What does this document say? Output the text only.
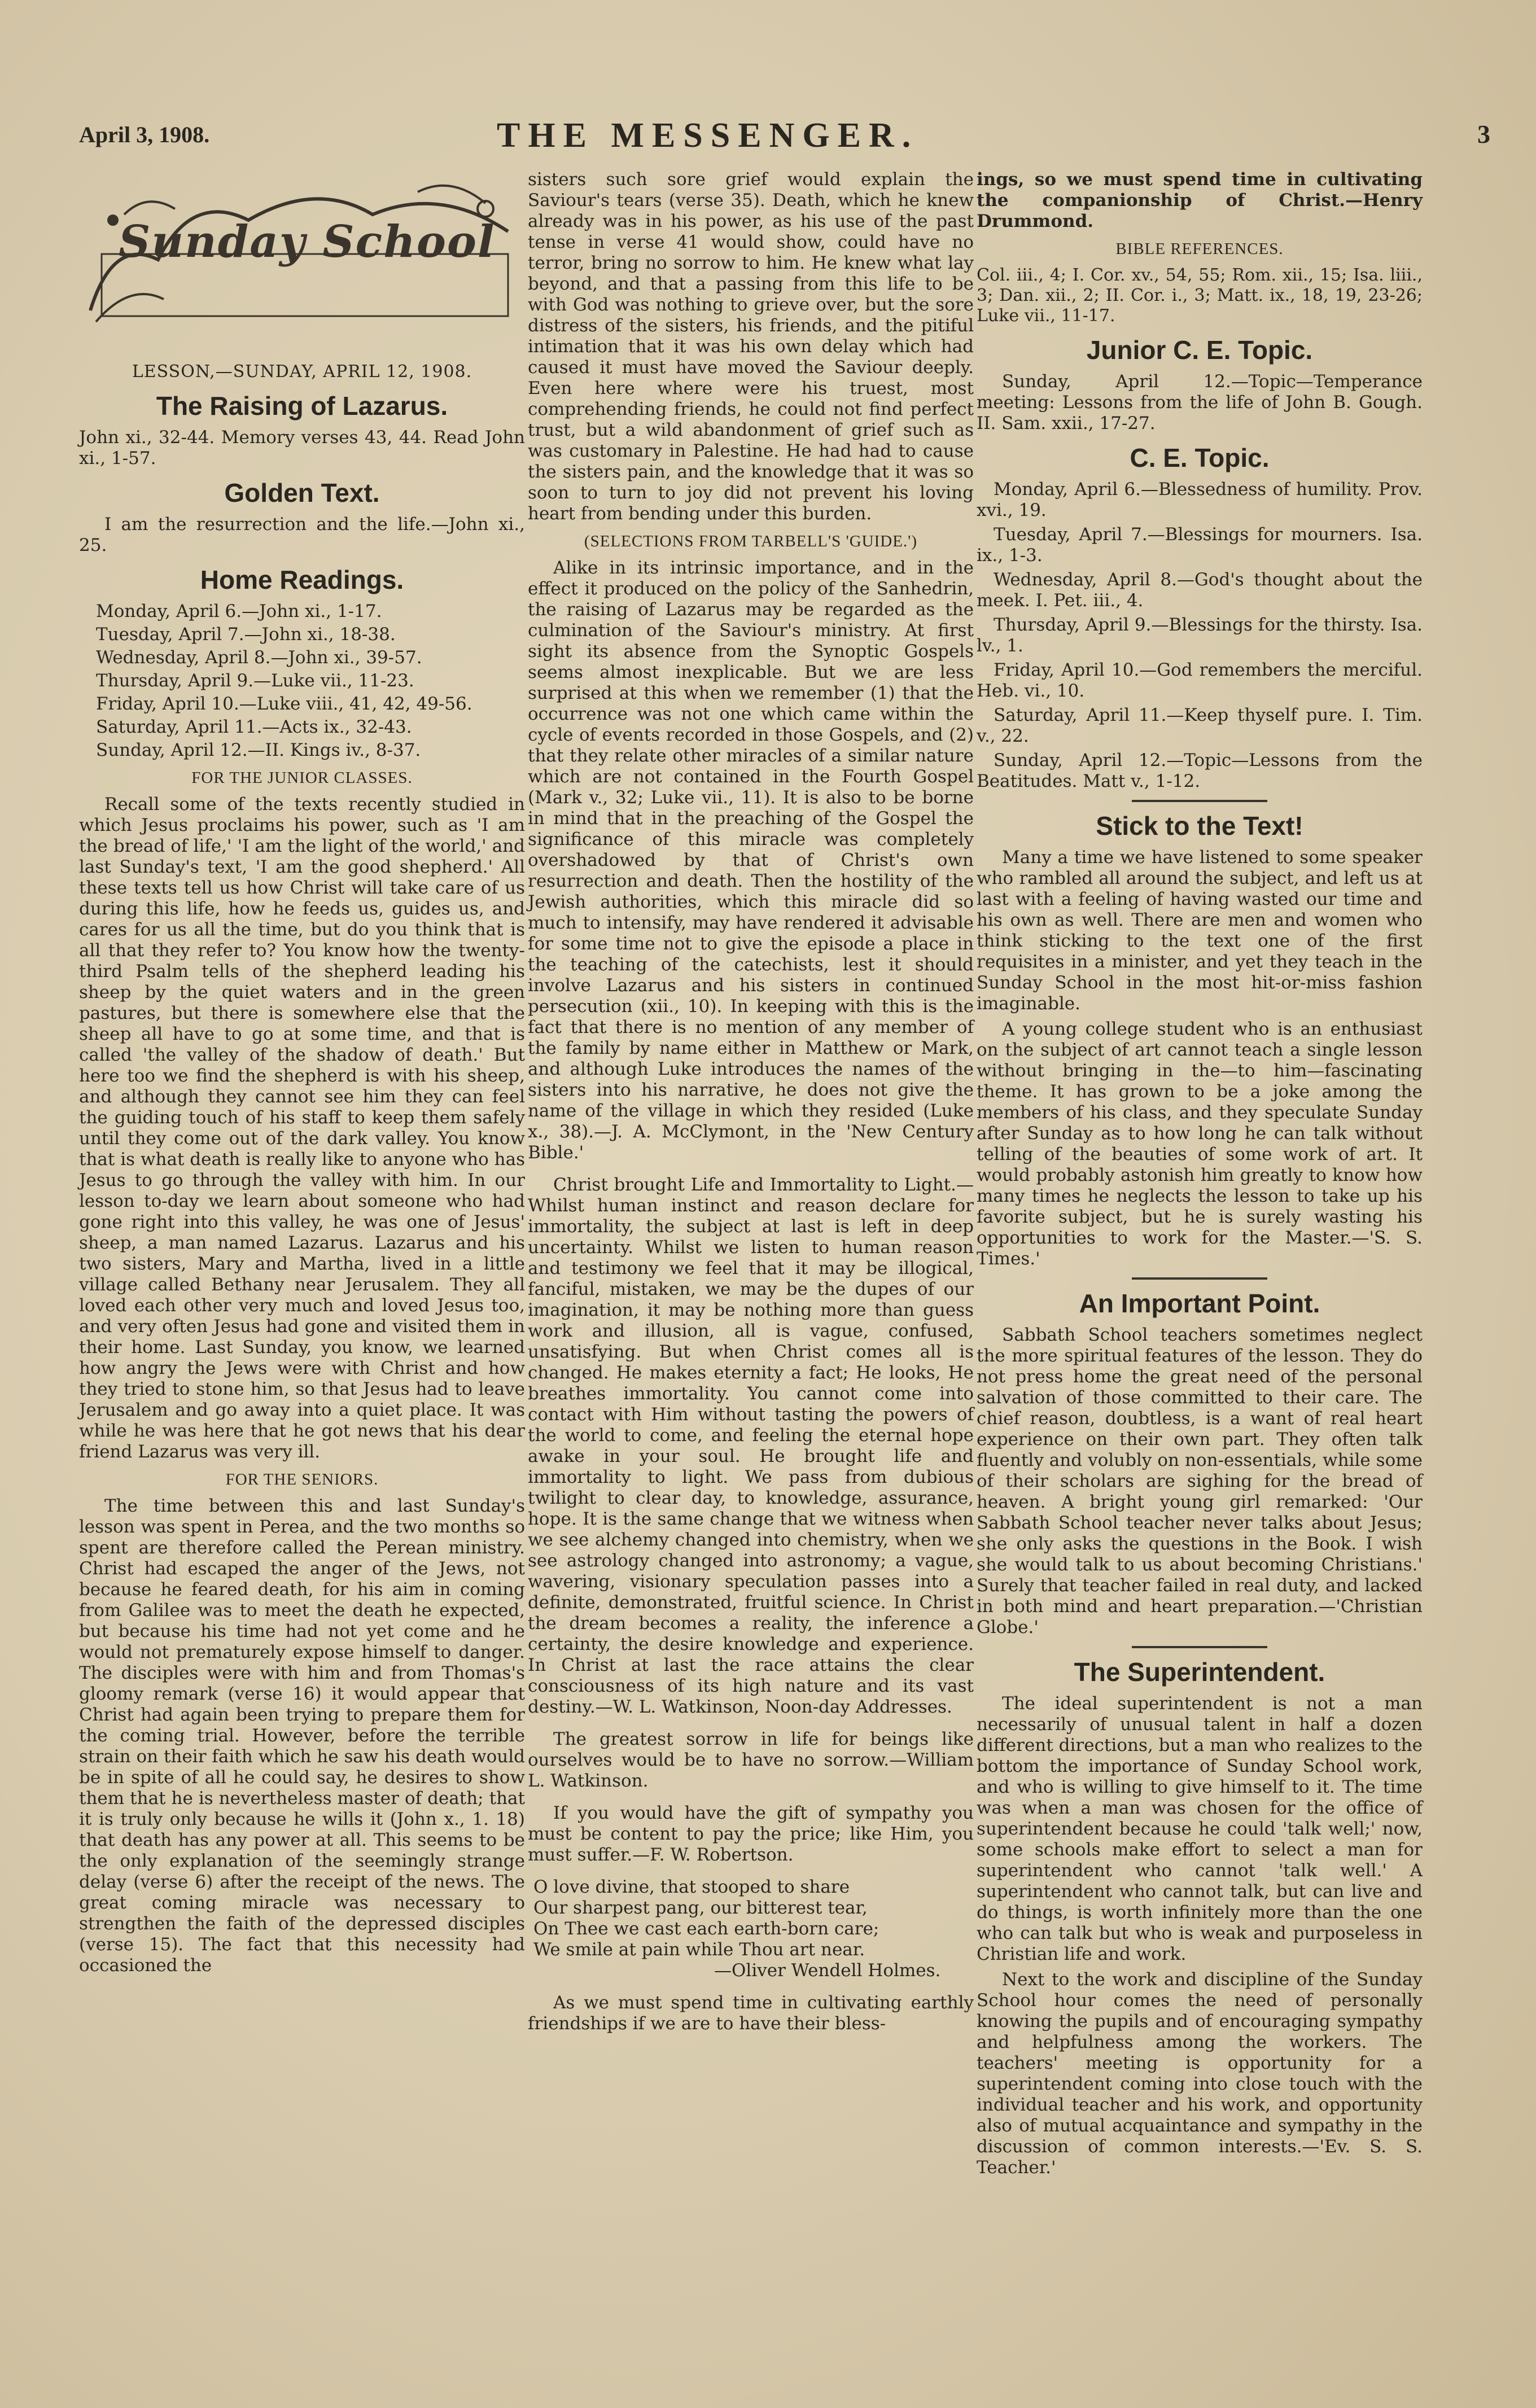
April 3, 1908.	THE MESSENGER.	3
Sunday School
LESSON,—SUNDAY, APRIL 12, 1908.
The Raising of Lazarus.

John xi., 32-44. Memory verses 43, 44. Read John xi., 1-57.

Golden Text.

I am the resurrection and the life.—John xi., 25.

Home Readings.
Monday, April 6.—John xi., 1-17.
Tuesday, April 7.—John xi., 18-38.
Wednesday, April 8.—John xi., 39-57.
Thursday, April 9.—Luke vii., 11-23.
Friday, April 10.—Luke viii., 41, 42, 49-56.
Saturday, April 11.—Acts ix., 32-43.
Sunday, April 12.—II. Kings iv., 8-37.
FOR THE JUNIOR CLASSES.

Recall some of the texts recently studied in which Jesus proclaims his power, such as 'I am the bread of life,' 'I am the light of the world,' and last Sunday's text, 'I am the good shepherd.' All these texts tell us how Christ will take care of us during this life, how he feeds us, guides us, and cares for us all the time, but do you think that is all that they refer to? You know how the twenty-third Psalm tells of the shepherd leading his sheep by the quiet waters and in the green pastures, but there is somewhere else that the sheep all have to go at some time, and that is called 'the valley of the shadow of death.' But here too we find the shepherd is with his sheep, and although they cannot see him they can feel the guiding touch of his staff to keep them safely until they come out of the dark valley. You know that is what death is really like to anyone who has Jesus to go through the valley with him. In our lesson to-day we learn about someone who had gone right into this valley, he was one of Jesus' sheep, a man named Lazarus. Lazarus and his two sisters, Mary and Martha, lived in a little village called Bethany near Jerusalem. They all loved each other very much and loved Jesus too, and very often Jesus had gone and visited them in their home. Last Sunday, you know, we learned how angry the Jews were with Christ and how they tried to stone him, so that Jesus had to leave Jerusalem and go away into a quiet place. It was while he was here that he got news that his dear friend Lazarus was very ill.

FOR THE SENIORS.

The time between this and last Sunday's lesson was spent in Perea, and the two months so spent are therefore called the Perean ministry. Christ had escaped the anger of the Jews, not because he feared death, for his aim in coming from Galilee was to meet the death he expected, but because his time had not yet come and he would not prematurely expose himself to danger. The disciples were with him and from Thomas's gloomy remark (verse 16) it would appear that Christ had again been trying to prepare them for the coming trial. However, before the terrible strain on their faith which he saw his death would be in spite of all he could say, he desires to show them that he is nevertheless master of death; that it is truly only because he wills it (John x., 1. 18) that death has any power at all. This seems to be the only explanation of the seemingly strange delay (verse 6) after the receipt of the news. The great coming miracle was necessary to strengthen the faith of the depressed disciples (verse 15). The fact that this necessity had occasioned the

sisters such sore grief would explain the Saviour's tears (verse 35). Death, which he knew already was in his power, as his use of the past tense in verse 41 would show, could have no terror, bring no sorrow to him. He knew what lay beyond, and that a passing from this life to be with God was nothing to grieve over, but the sore distress of the sisters, his friends, and the pitiful intimation that it was his own delay which had caused it must have moved the Saviour deeply. Even here where were his truest, most comprehending friends, he could not find perfect trust, but a wild abandonment of grief such as was customary in Palestine. He had had to cause the sisters pain, and the knowledge that it was so soon to turn to joy did not prevent his loving heart from bending under this burden.

(SELECTIONS FROM TARBELL'S 'GUIDE.')

Alike in its intrinsic importance, and in the effect it produced on the policy of the Sanhedrin, the raising of Lazarus may be regarded as the culmination of the Saviour's ministry. At first sight its absence from the Synoptic Gospels seems almost inexplicable. But we are less surprised at this when we remember (1) that the occurrence was not one which came within the cycle of events recorded in those Gospels, and (2) that they relate other miracles of a similar nature which are not contained in the Fourth Gospel (Mark v., 32; Luke vii., 11). It is also to be borne in mind that in the preaching of the Gospel the significance of this miracle was completely overshadowed by that of Christ's own resurrection and death. Then the hostility of the Jewish authorities, which this miracle did so much to intensify, may have rendered it advisable for some time not to give the episode a place in the teaching of the catechists, lest it should involve Lazarus and his sisters in continued persecution (xii., 10). In keeping with this is the fact that there is no mention of any member of the family by name either in Matthew or Mark, and although Luke introduces the names of the sisters into his narrative, he does not give the name of the village in which they resided (Luke x., 38).—J. A. McClymont, in the 'New Century Bible.'

Christ brought Life and Immortality to Light.—Whilst human instinct and reason declare for immortality, the subject at last is left in deep uncertainty. Whilst we listen to human reason and testimony we feel that it may be illogical, fanciful, mistaken, we may be the dupes of our imagination, it may be nothing more than guess work and illusion, all is vague, confused, unsatisfying. But when Christ comes all is changed. He makes eternity a fact; He looks, He breathes immortality. You cannot come into contact with Him without tasting the powers of the world to come, and feeling the eternal hope awake in your soul. He brought life and immortality to light. We pass from dubious twilight to clear day, to knowledge, assurance, hope. It is the same change that we witness when we see alchemy changed into chemistry, when we see astrology changed into astronomy; a vague, wavering, visionary speculation passes into a definite, demonstrated, fruitful science. In Christ the dream becomes a reality, the inference a certainty, the desire knowledge and experience. In Christ at last the race attains the clear consciousness of its high nature and its vast destiny.—W. L. Watkinson, Noon-day Addresses.

The greatest sorrow in life for beings like ourselves would be to have no sorrow.—William L. Watkinson.

If you would have the gift of sympathy you must be content to pay the price; like Him, you must suffer.—F. W. Robertson.

O love divine, that stooped to share
Our sharpest pang, our bitterest tear,
On Thee we cast each earth-born care;
We smile at pain while Thou art near.
—Oliver Wendell Holmes.

As we must spend time in cultivating earthly friendships if we are to have their bless-

ings, so we must spend time in cultivating the companionship of Christ.—Henry Drummond.

BIBLE REFERENCES.
Col. iii., 4; I. Cor. xv., 54, 55; Rom. xii., 15; Isa. liii., 3; Dan. xii., 2; II. Cor. i., 3; Matt. ix., 18, 19, 23-26; Luke vii., 11-17.
Junior C. E. Topic.

Sunday, April 12.—Topic—Temperance meeting: Lessons from the life of John B. Gough. II. Sam. xxii., 17-27.

C. E. Topic.

Monday, April 6.—Blessedness of humility. Prov. xvi., 19.

Tuesday, April 7.—Blessings for mourners. Isa. ix., 1-3.

Wednesday, April 8.—God's thought about the meek. I. Pet. iii., 4.

Thursday, April 9.—Blessings for the thirsty. Isa. lv., 1.

Friday, April 10.—God remembers the merciful. Heb. vi., 10.

Saturday, April 11.—Keep thyself pure. I. Tim. v., 22.

Sunday, April 12.—Topic—Lessons from the Beatitudes. Matt v., 1-12.

Stick to the Text!

Many a time we have listened to some speaker who rambled all around the subject, and left us at last with a feeling of having wasted our time and his own as well. There are men and women who think sticking to the text one of the first requisites in a minister, and yet they teach in the Sunday School in the most hit-or-miss fashion imaginable.

A young college student who is an enthusiast on the subject of art cannot teach a single lesson without bringing in the—to him—fascinating theme. It has grown to be a joke among the members of his class, and they speculate Sunday after Sunday as to how long he can talk without telling of the beauties of some work of art. It would probably astonish him greatly to know how many times he neglects the lesson to take up his favorite subject, but he is surely wasting his opportunities to work for the Master.—'S. S. Times.'

An Important Point.

Sabbath School teachers sometimes neglect the more spiritual features of the lesson. They do not press home the great need of the personal salvation of those committed to their care. The chief reason, doubtless, is a want of real heart experience on their own part. They often talk fluently and volubly on non-essentials, while some of their scholars are sighing for the bread of heaven. A bright young girl remarked: 'Our Sabbath School teacher never talks about Jesus; she only asks the questions in the Book. I wish she would talk to us about becoming Christians.' Surely that teacher failed in real duty, and lacked in both mind and heart preparation.—'Christian Globe.'

The Superintendent.

The ideal superintendent is not a man necessarily of unusual talent in half a dozen different directions, but a man who realizes to the bottom the importance of Sunday School work, and who is willing to give himself to it. The time was when a man was chosen for the office of superintendent because he could 'talk well;' now, some schools make effort to select a man for superintendent who cannot 'talk well.' A superintendent who cannot talk, but can live and do things, is worth infinitely more than the one who can talk but who is weak and purposeless in Christian life and work.

Next to the work and discipline of the Sunday School hour comes the need of personally knowing the pupils and of encouraging sympathy and helpfulness among the workers. The teachers' meeting is opportunity for a superintendent coming into close touch with the individual teacher and his work, and opportunity also of mutual acquaintance and sympathy in the discussion of common interests.—'Ev. S. S. Teacher.'
